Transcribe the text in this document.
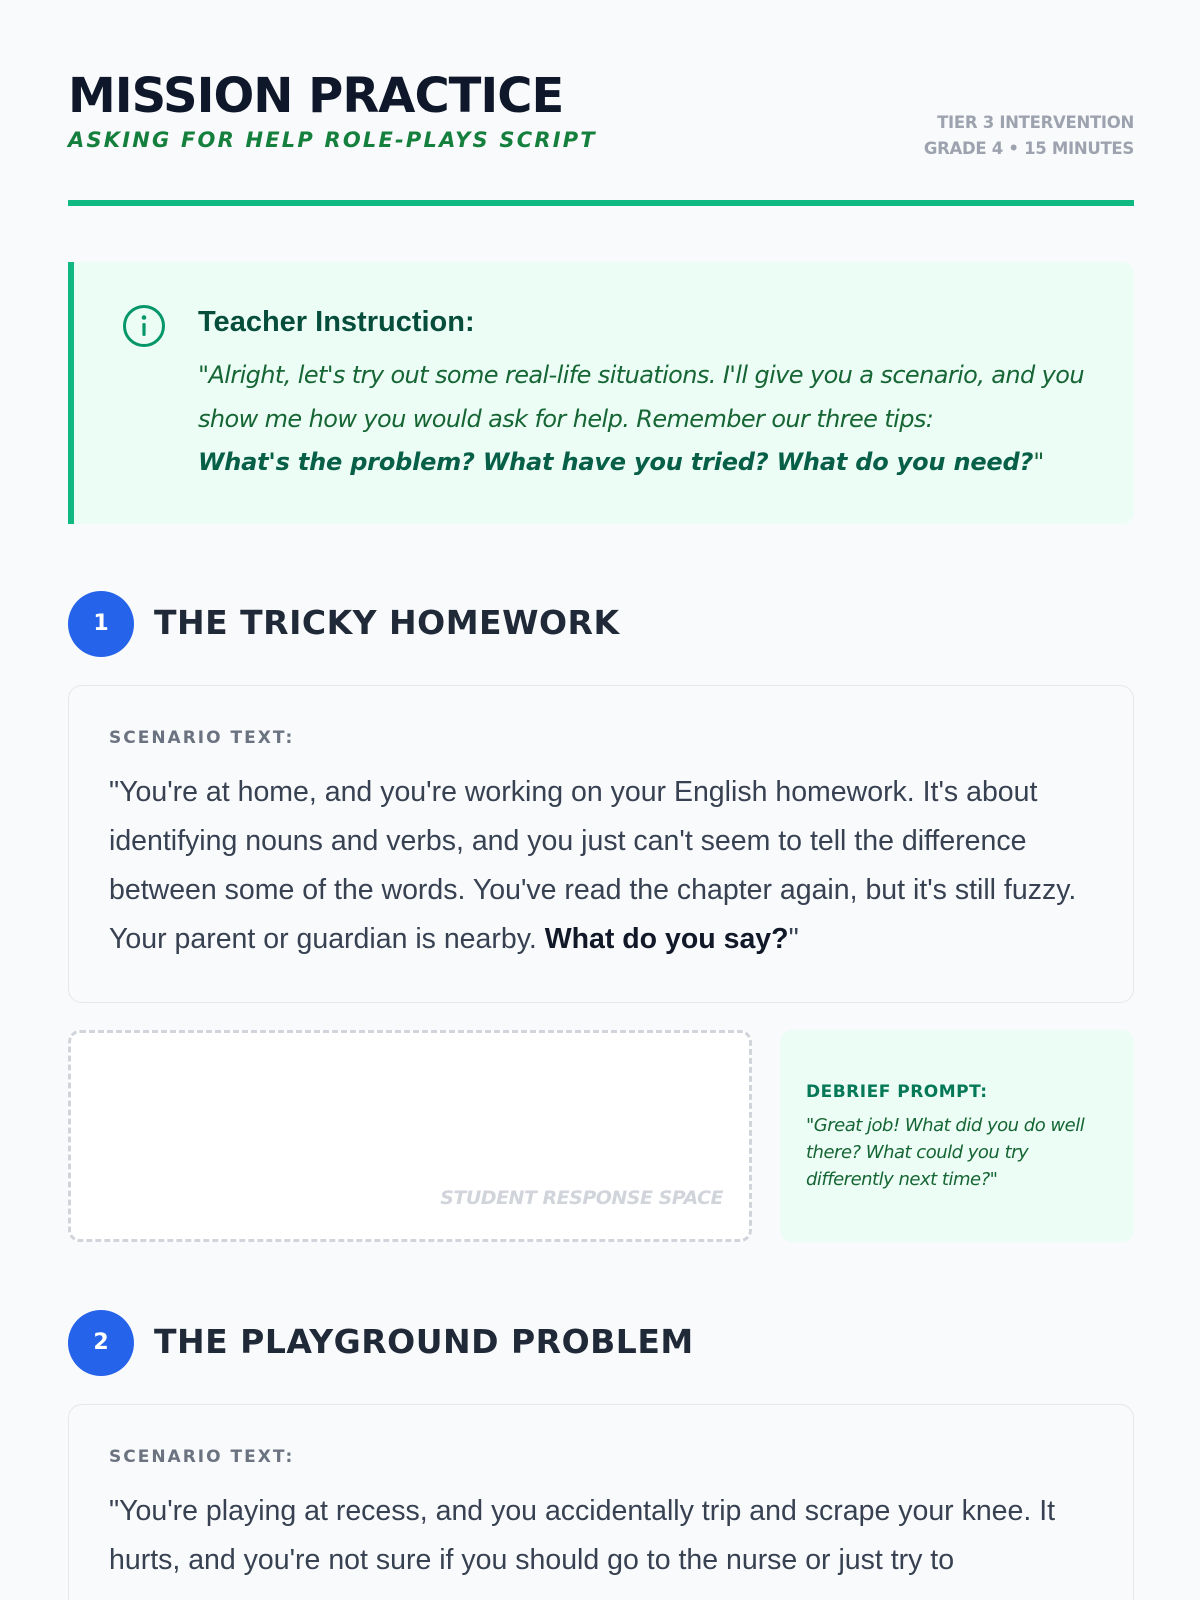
MISSION PRACTICE
ASKING FOR HELP ROLE-PLAYS SCRIPT
TIER 3 INTERVENTION
GRADE 4 • 15 MINUTES
Teacher Instruction:
"Alright, let's try out some real-life situations. I'll give you a scenario, and you show me how you would ask for help. Remember our three tips:
What's the problem? What have you tried? What do you need?"
1	THE TRICKY HOMEWORK
SCENARIO TEXT:
"You're at home, and you're working on your English homework. It's about identifying nouns and verbs, and you just can't seem to tell the difference between some of the words. You've read the chapter again, but it's still fuzzy. Your parent or guardian is nearby. What do you say?"
STUDENT RESPONSE SPACE
DEBRIEF PROMPT:
"Great job! What did you do well there? What could you try differently next time?"
2	THE PLAYGROUND PROBLEM
SCENARIO TEXT:
"You're playing at recess, and you accidentally trip and scrape your knee. It hurts, and you're not sure if you should go to the nurse or just try to
